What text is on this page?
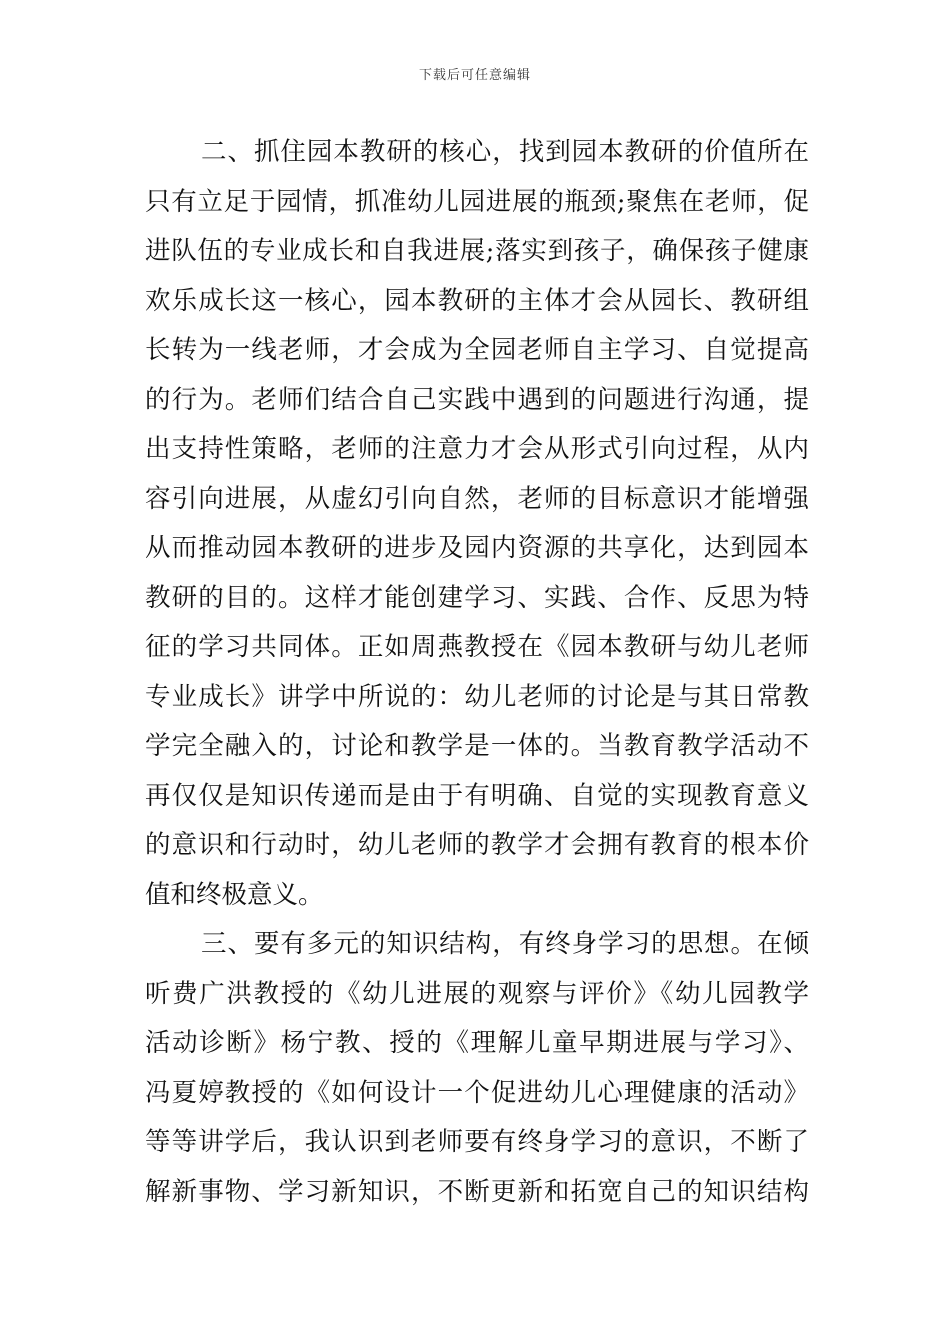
下载后可任意编辑
二、抓住园本教研的核心，找到园本教研的价值所在
只有立足于园情，抓准幼儿园进展的瓶颈;聚焦在老师，促
进队伍的专业成长和自我进展;落实到孩子，确保孩子健康
欢乐成长这一核心，园本教研的主体才会从园长、教研组
长转为一线老师，才会成为全园老师自主学习、自觉提高
的行为。老师们结合自己实践中遇到的问题进行沟通，提
出支持性策略，老师的注意力才会从形式引向过程，从内
容引向进展，从虚幻引向自然，老师的目标意识才能增强
从而推动园本教研的进步及园内资源的共享化，达到园本
教研的目的。这样才能创建学习、实践、合作、反思为特
征的学习共同体。正如周燕教授在《园本教研与幼儿老师
专业成长》讲学中所说的：幼儿老师的讨论是与其日常教
学完全融入的，讨论和教学是一体的。当教育教学活动不
再仅仅是知识传递而是由于有明确、自觉的实现教育意义
的意识和行动时，幼儿老师的教学才会拥有教育的根本价
值和终极意义。
三、要有多元的知识结构，有终身学习的思想。在倾
听费广洪教授的《幼儿进展的观察与评价》《幼儿园教学
活动诊断》杨宁教、授的《理解儿童早期进展与学习》、
冯夏婷教授的《如何设计一个促进幼儿心理健康的活动》
等等讲学后，我认识到老师要有终身学习的意识，不断了
解新事物、学习新知识，不断更新和拓宽自己的知识结构
